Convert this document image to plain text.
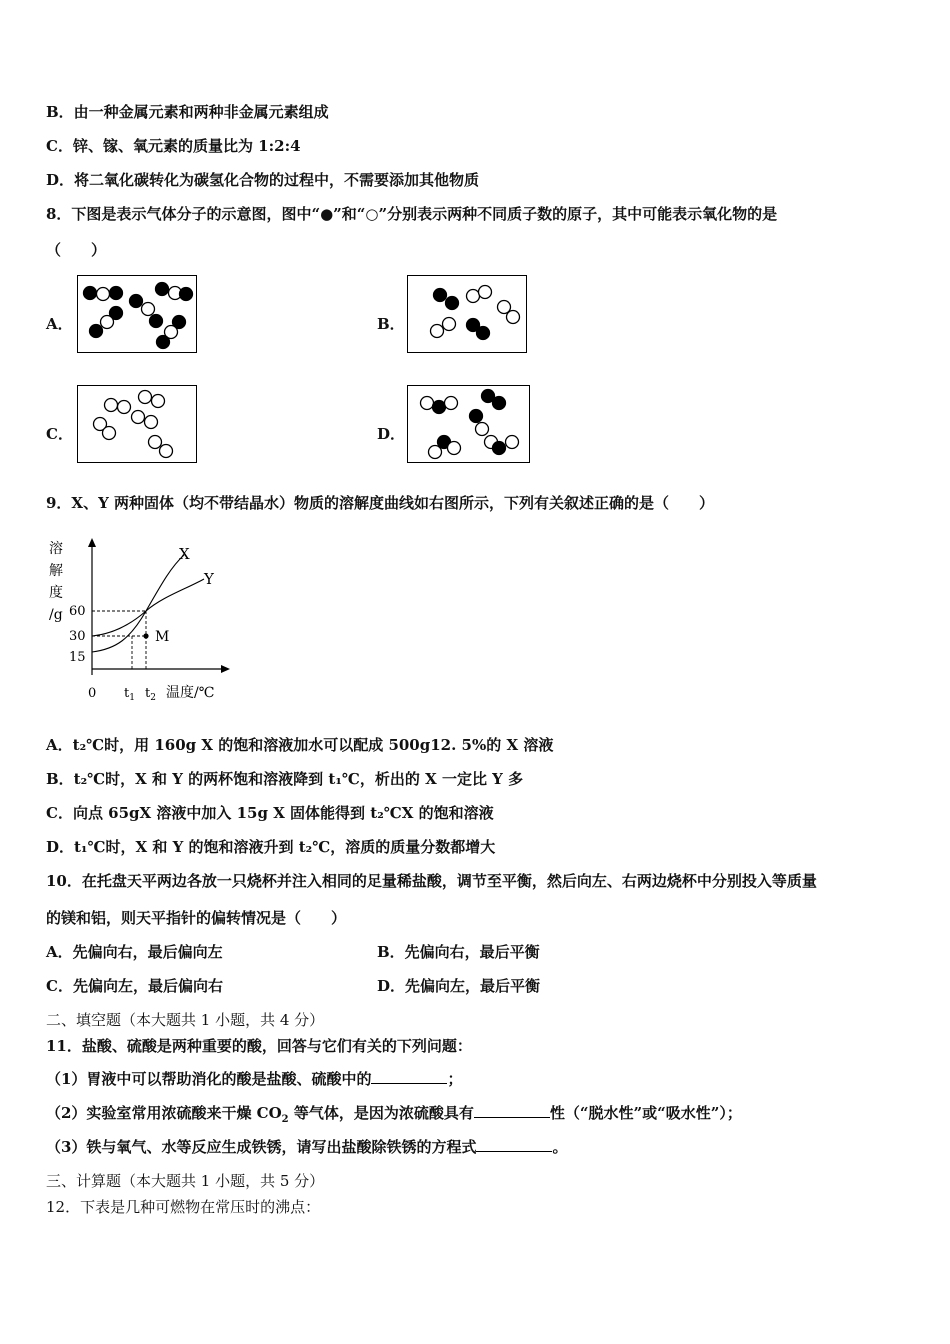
B．由一种金属元素和两种非金属元素组成
C．锌、镓、氧元素的质量比为 1:2:4
D．将二氧化碳转化为碳氢化合物的过程中，不需要添加其他物质
8．下图是表示气体分子的示意图，图中“●”和“○”分别表示两种不同质子数的原子，其中可能表示氧化物的是
（　　）
A．	B．
C．	D．
9．X、Y 两种固体（均不带结晶水）物质的溶解度曲线如右图所示，下列有关叙述正确的是（　　）
溶
解
度
/g 60
30
15
0 $t_1$ $t_2$ 温度/℃
X
Y
M
A．t₂℃时，用 160g X 的饱和溶液加水可以配成 500g12. 5%的 X 溶液
B．t₂℃时，X 和 Y 的两杯饱和溶液降到 t₁℃，析出的 X 一定比 Y 多
C．向点 65gX 溶液中加入 15g X 固体能得到 t₂℃X 的饱和溶液
D．t₁℃时，X 和 Y 的饱和溶液升到 t₂℃，溶质的质量分数都增大
10．在托盘天平两边各放一只烧杯并注入相同的足量稀盐酸，调节至平衡，然后向左、右两边烧杯中分别投入等质量
的镁和铝，则天平指针的偏转情况是（　　）
A．先偏向右，最后偏向左	B．先偏向右，最后平衡
C．先偏向左，最后偏向右	D．先偏向左，最后平衡
二、填空题（本大题共 1 小题，共 4 分）
11．盐酸、硫酸是两种重要的酸，回答与它们有关的下列问题：
（1）胃液中可以帮助消化的酸是盐酸、硫酸中的	；
（2）实验室常用浓硫酸来干燥 $CO_2$ 等气体，是因为浓硫酸具有	性（“脱水性”或“吸水性”）；
（3）铁与氧气、水等反应生成铁锈，请写出盐酸除铁锈的方程式	。
三、计算题（本大题共 1 小题，共 5 分）
12．下表是几种可燃物在常压时的沸点：
